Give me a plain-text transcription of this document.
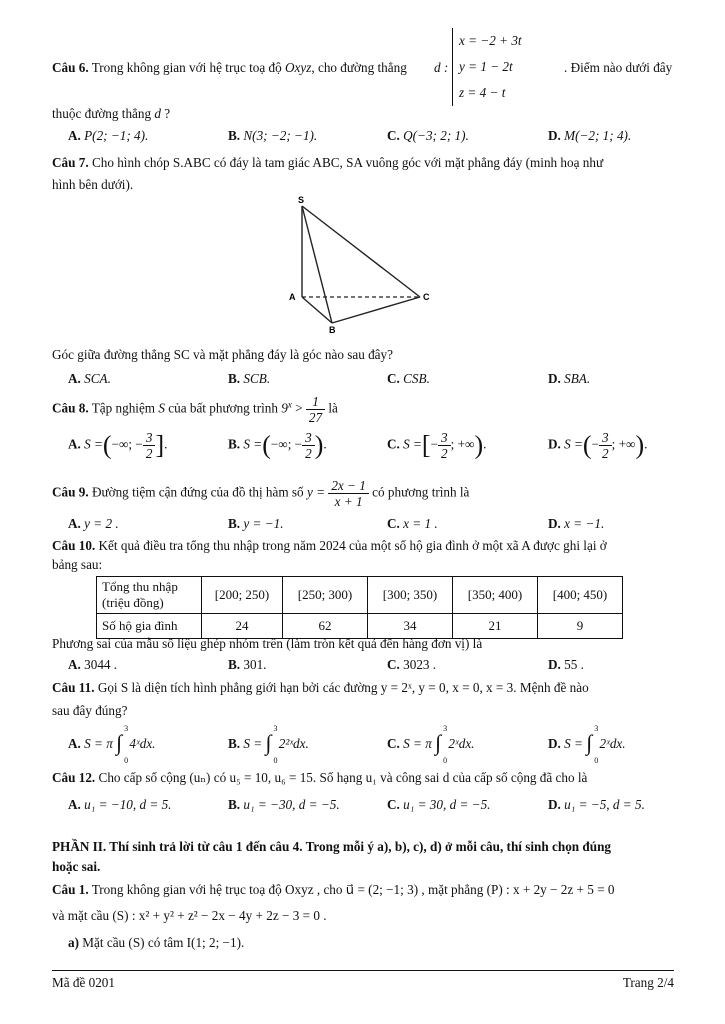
Câu 6. Trong không gian với hệ trục toạ độ Oxyz, cho đường thẳng d :
x = −2 + 3t
y = 1 − 2t
z = 4 − t
. Điểm nào dưới đây
thuộc đường thẳng d ?
A. P(2; −1; 4).	B. N(3; −2; −1).	C. Q(−3; 2; 1).	D. M(−2; 1; 4).
Câu 7. Cho hình chóp S.ABC có đáy là tam giác ABC, SA vuông góc với mặt phẳng đáy (minh hoạ như
hình bên dưới).
S
A
B
C
Góc giữa đường thẳng SC và mặt phẳng đáy là góc nào sau đây?
A. SCA.	B. SCB.	C. CSB.	D. SBA.
Câu 8. Tập nghiệm S của bất phương trình $9^x > \frac{1}{27}$ là
A. S =(−∞; − $\frac{3}{2}$ ].	B. S =(−∞; − $\frac{3}{2}$ ).	C. S =[− $\frac{3}{2}$ ; +∞).	D. S =(− $\frac{3}{2}$ ; +∞).
Câu 9. Đường tiệm cận đứng của đồ thị hàm số $y = \frac{2x - 1}{x + 1}$ có phương trình là
A. y = 2 .	B. y = −1.	C. x = 1 .	D. x = −1.
Câu 10. Kết quả điều tra tổng thu nhập trong năm 2024 của một số hộ gia đình ở một xã A được ghi lại ở
bảng sau:
Tổng thu nhập
(triệu đồng)	[200; 250)	[250; 300)	[300; 350)	[350; 400)	[400; 450)
Số hộ gia đình	24	62	34	21	9
Phương sai của mẫu số liệu ghép nhóm trên (làm tròn kết quả đến hàng đơn vị) là
A. 3044 .	B. 301.	C. 3023 .	D. 55 .
Câu 11. Gọi S là diện tích hình phẳng giới hạn bởi các đường y = 2ˣ, y = 0, x = 0, x = 3. Mệnh đề nào
sau đây đúng?
A. S = π ∫
3
0
4ˣdx.	B. S = ∫
3
0
2²ˣdx.	C. S = π ∫
3
0
2ˣdx.	D. S = ∫
3
0
2ˣdx.
Câu 12. Cho cấp số cộng (uₙ) có u₅ = 10, u₆ = 15. Số hạng u₁ và công sai d của cấp số cộng đã cho là
A. u₁ = −10, d = 5.	B. u₁ = −30, d = −5.	C. u₁ = 30, d = −5.	D. u₁ = −5, d = 5.
PHẦN II. Thí sinh trả lời từ câu 1 đến câu 4. Trong mỗi ý a), b), c), d) ở mỗi câu, thí sinh chọn đúng
hoặc sai.
Câu 1. Trong không gian với hệ trục toạ độ Oxyz , cho u⃗ = (2; −1; 3) , mặt phẳng (P) : x + 2y − 2z + 5 = 0
và mặt cầu (S) : x² + y² + z² − 2x − 4y + 2z − 3 = 0 .
a) Mặt cầu (S) có tâm I(1; 2; −1).
Mã đề 0201	Trang 2/4
